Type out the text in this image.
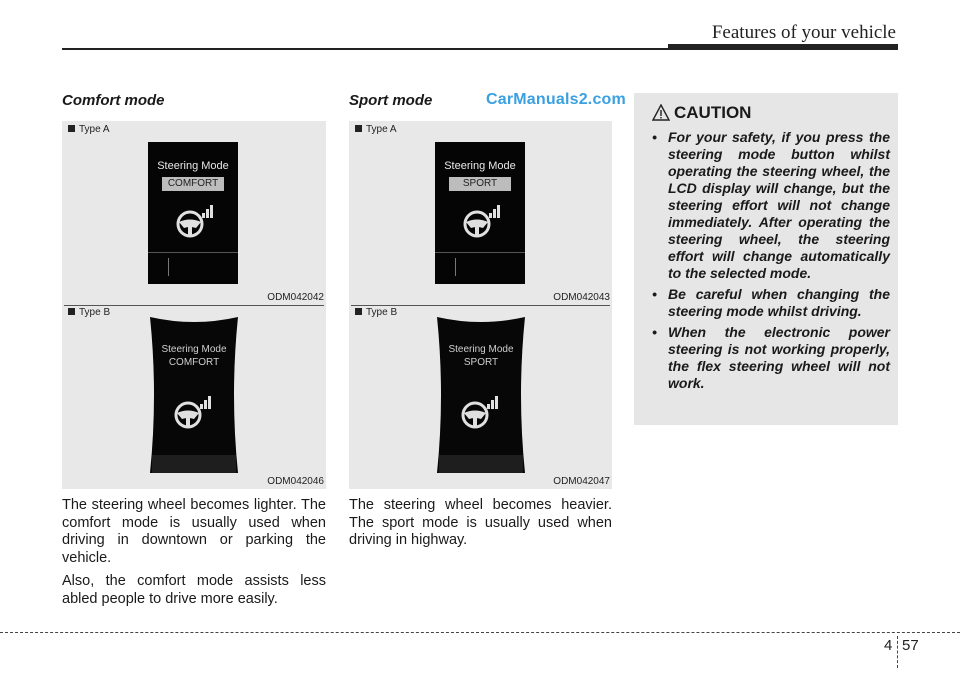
Features of your vehicle
Comfort mode
Type A
Steering Mode
COMFORT
ODM042042
Type B
Steering Mode
COMFORT
ODM042046

The steering wheel becomes lighter. The comfort mode is usually used when driving in downtown or parking the vehicle.

Also, the comfort mode assists less abled people to drive more easily.

Sport mode	CarManuals2.com
Type A
Steering Mode
SPORT
ODM042043
Type B
Steering Mode
SPORT
ODM042047

The steering wheel becomes heavier. The sport mode is usually used when driving in highway.

CAUTION
• For your safety, if you press the steering mode button whilst operating the steering wheel, the LCD display will change, but the steering effort will not change immediately. After operating the steering wheel, the steering effort will change automatically to the selected mode.
• Be careful when changing the steering mode whilst driving.
• When the electronic power steering is not working properly, the flex steering wheel will not work.
4 57
